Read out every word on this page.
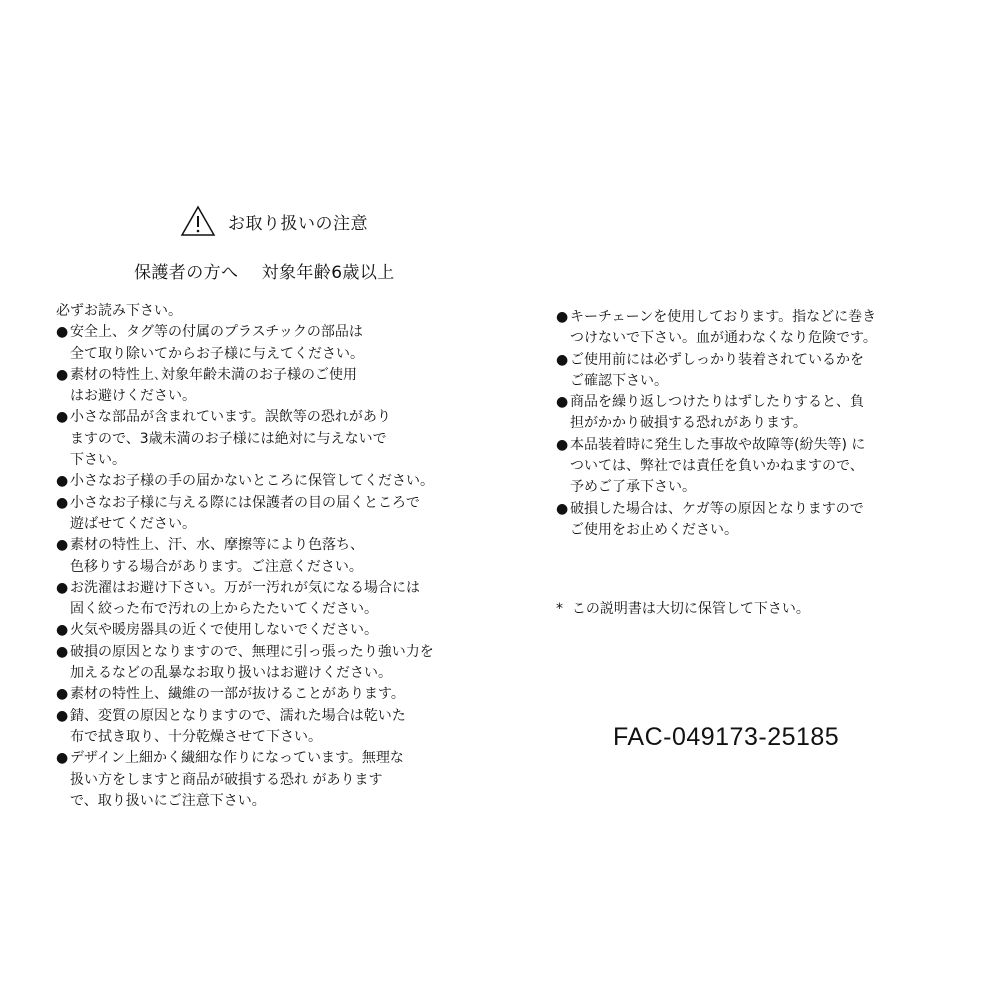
お取り扱いの注意
保護者の方へ　 対象年齢6歳以上
必ずお読み下さい。
● 安全上、タグ等の付属のプラスチックの部品は
全て取り除いてからお子様に与えてください。
● 素材の特性上､対象年齢未満のお子様のご使用
はお避けください。
● 小さな部品が含まれています。誤飲等の恐れがあり
ますので、3歳未満のお子様には絶対に与えないで
下さい。
● 小さなお子様の手の届かないところに保管してください。
● 小さなお子様に与える際には保護者の目の届くところで
遊ばせてください。
● 素材の特性上、汗、水、摩擦等により色落ち、
色移りする場合があります。ご注意ください。
● お洗濯はお避け下さい。万が一汚れが気になる場合には
固く絞った布で汚れの上からたたいてください。
● 火気や暖房器具の近くで使用しないでください。
● 破損の原因となりますので、無理に引っ張ったり強い力を
加えるなどの乱暴なお取り扱いはお避けください。
● 素材の特性上、繊維の一部が抜けることがあります。
● 錆、変質の原因となりますので、濡れた場合は乾いた
布で拭き取り、十分乾燥させて下さい。
● デザイン上細かく繊細な作りになっています。無理な
扱い方をしますと商品が破損する恐れ があります
で、取り扱いにご注意下さい。
● キーチェーンを使用しております。指などに巻き
つけないで下さい。血が通わなくなり危険です。
● ご使用前には必ずしっかり装着されているかを
ご確認下さい。
● 商品を繰り返しつけたりはずしたりすると、負
担がかかり破損する恐れがあります。
● 本品装着時に発生した事故や故障等(紛失等) に
ついては、弊社では責任を負いかねますので、
予めご了承下さい。
● 破損した場合は、ケガ等の原因となりますので
ご使用をお止めください。
*  この説明書は大切に保管して下さい。
FAC-049173-25185
